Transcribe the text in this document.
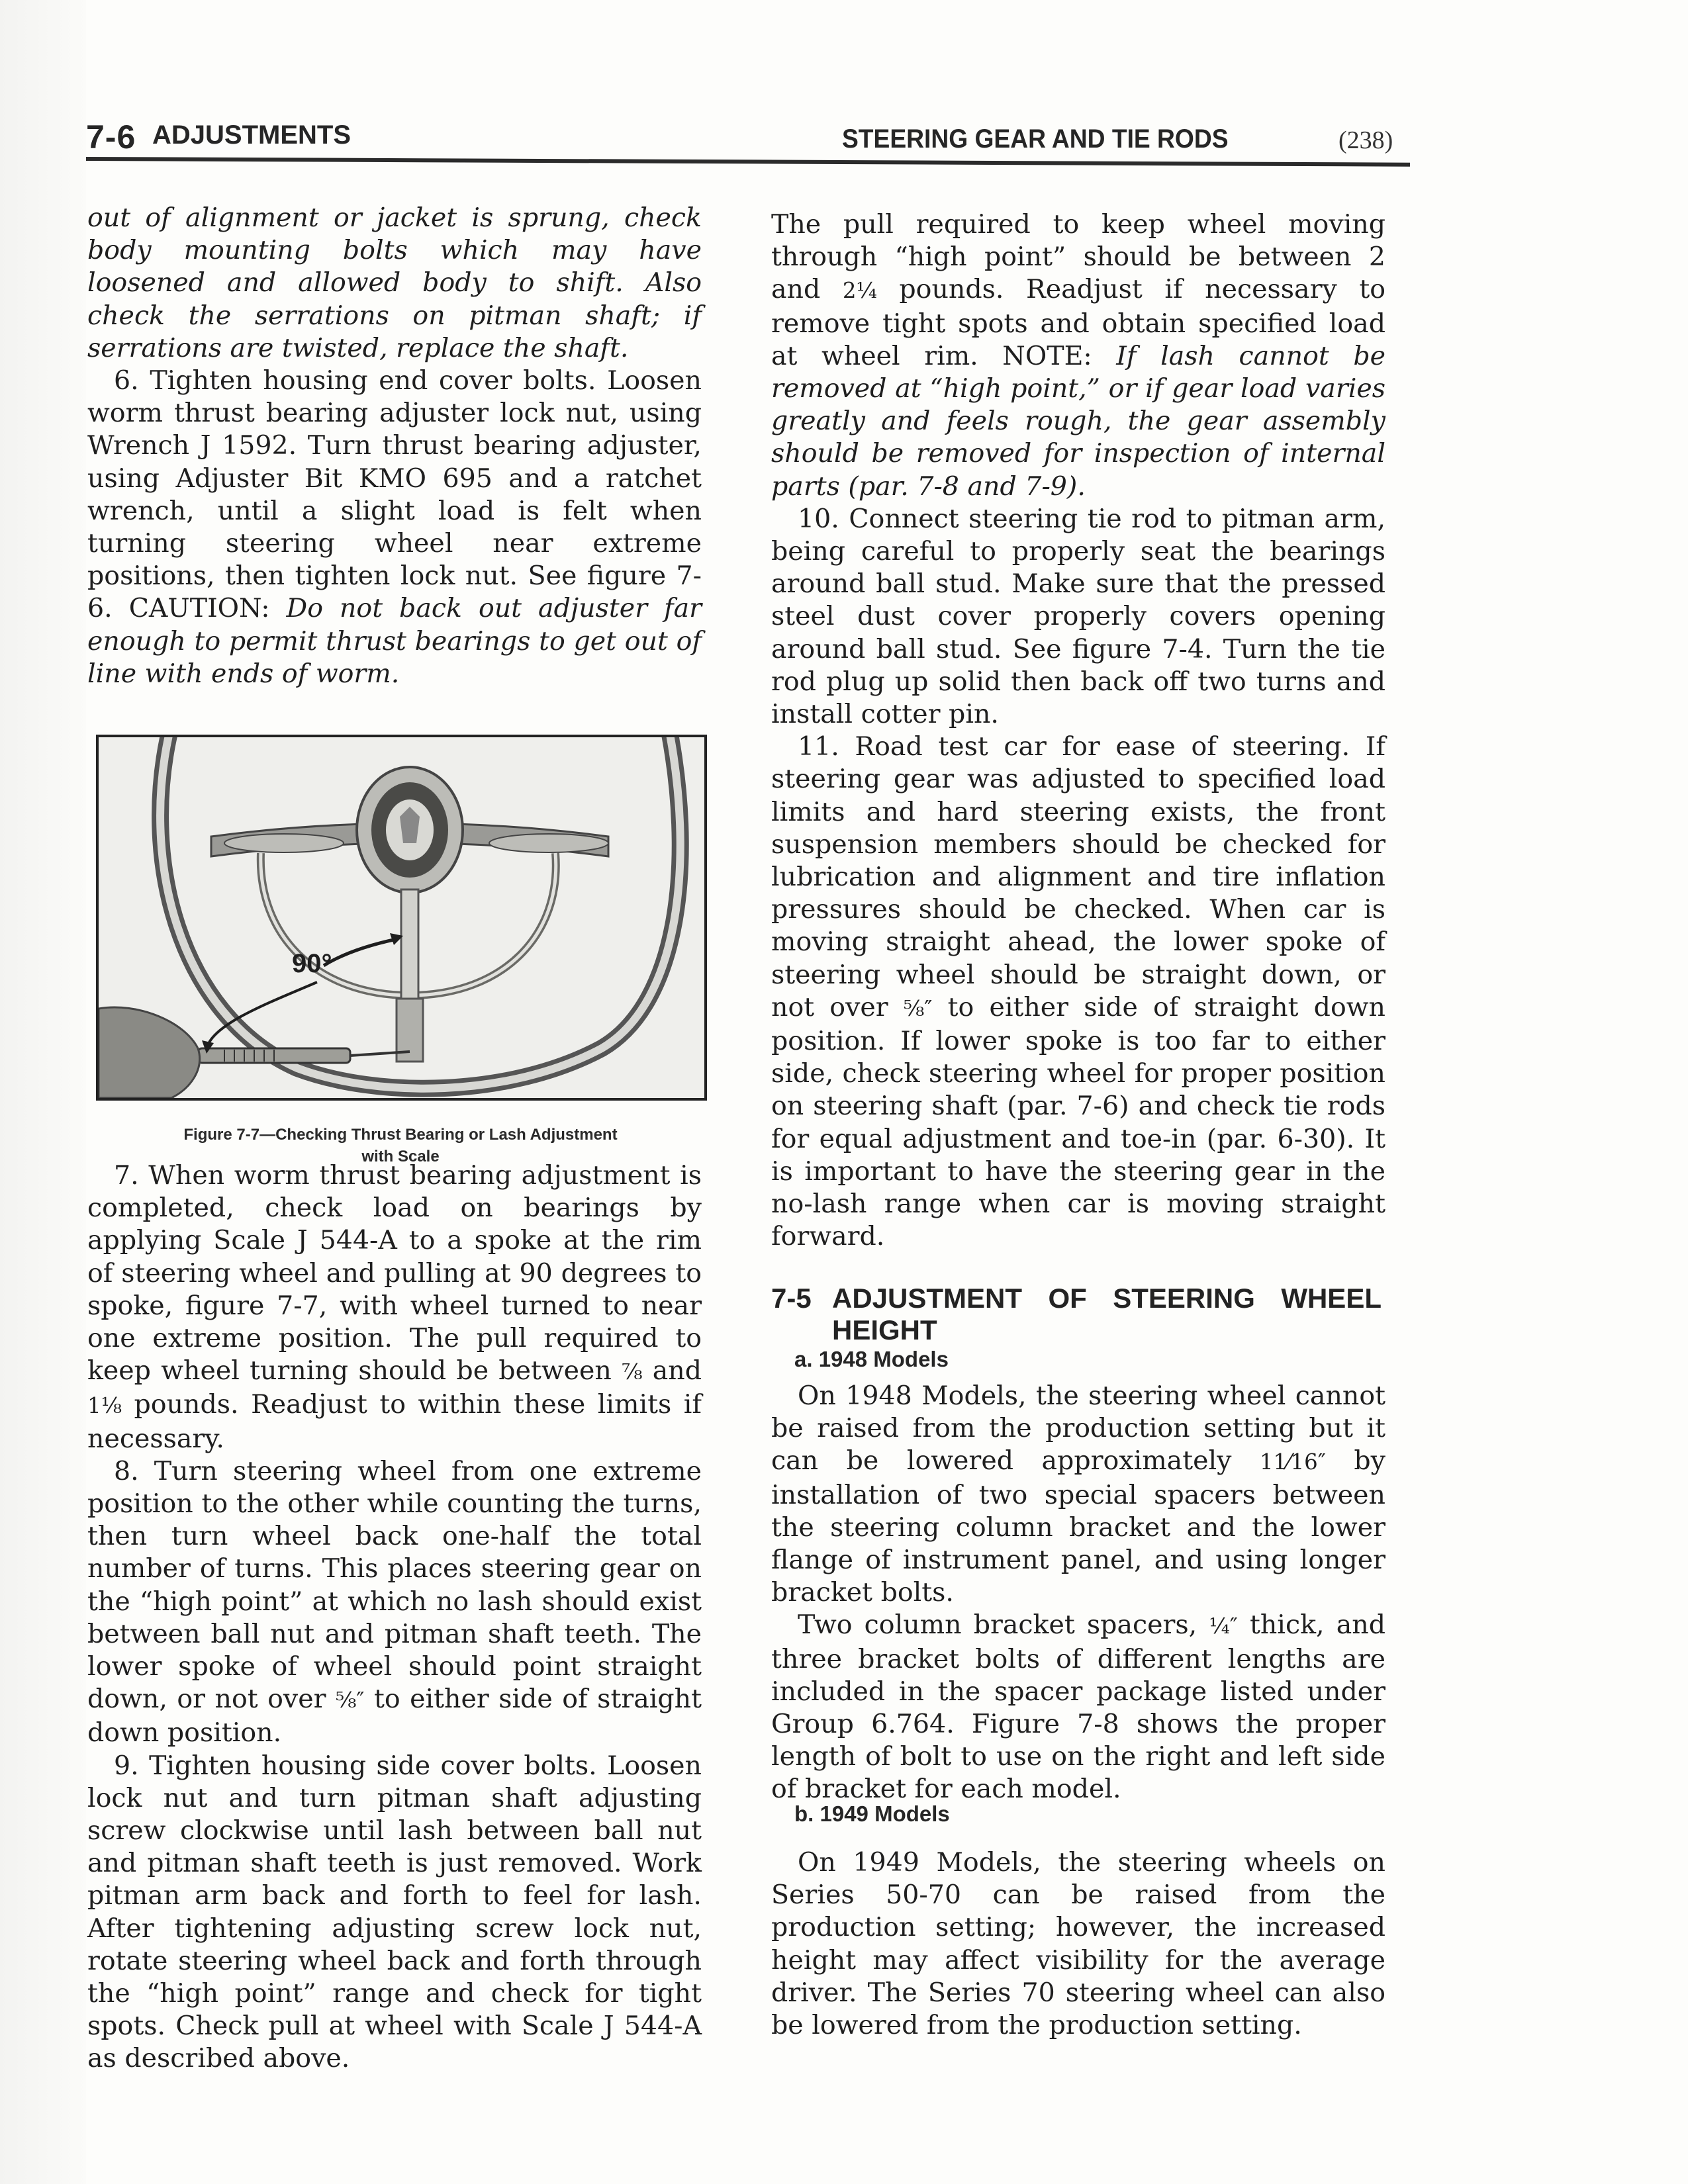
7-6 ADJUSTMENTS	STEERING GEAR AND TIE RODS	(238)

out of alignment or jacket is sprung, check body mounting bolts which may have loosened and allowed body to shift. Also check the serrations on pitman shaft; if serrations are twisted, replace the shaft.

6. Tighten housing end cover bolts. Loosen worm thrust bearing adjuster lock nut, using Wrench J 1592. Turn thrust bearing adjuster, using Adjuster Bit KMO 695 and a ratchet wrench, until a slight load is felt when turning steering wheel near extreme positions, then tighten lock nut. See figure 7-6. CAUTION: Do not back out adjuster far enough to permit thrust bearings to get out of line with ends of worm.

90°
Figure 7-7—Checking Thrust Bearing or Lash Adjustment
with Scale

7. When worm thrust bearing adjustment is completed, check load on bearings by applying Scale J 544-A to a spoke at the rim of steering wheel and pulling at 90 degrees to spoke, figure 7-7, with wheel turned to near one extreme position. The pull required to keep wheel turning should be between ⅞ and 1⅛ pounds. Readjust to within these limits if necessary.

8. Turn steering wheel from one extreme position to the other while counting the turns, then turn wheel back one-half the total number of turns. This places steering gear on the “high point” at which no lash should exist between ball nut and pitman shaft teeth. The lower spoke of wheel should point straight down, or not over ⅝″ to either side of straight down position.

9. Tighten housing side cover bolts. Loosen lock nut and turn pitman shaft adjusting screw clockwise until lash between ball nut and pitman shaft teeth is just removed. Work pitman arm back and forth to feel for lash. After tightening adjusting screw lock nut, rotate steering wheel back and forth through the “high point” range and check for tight spots. Check pull at wheel with Scale J 544-A as described above.

The pull required to keep wheel moving through “high point” should be between 2 and 2¼ pounds. Readjust if necessary to remove tight spots and obtain specified load at wheel rim. NOTE: If lash cannot be removed at “high point,” or if gear load varies greatly and feels rough, the gear assembly should be removed for inspection of internal parts (par. 7-8 and 7-9).

10. Connect steering tie rod to pitman arm, being careful to properly seat the bearings around ball stud. Make sure that the pressed steel dust cover properly covers opening around ball stud. See figure 7-4. Turn the tie rod plug up solid then back off two turns and install cotter pin.

11. Road test car for ease of steering. If steering gear was adjusted to specified load limits and hard steering exists, the front suspension members should be checked for lubrication and alignment and tire inflation pressures should be checked. When car is moving straight ahead, the lower spoke of steering wheel should be straight down, or not over ⅝″ to either side of straight down position. If lower spoke is too far to either side, check steering wheel for proper position on steering shaft (par. 7-6) and check tie rods for equal adjustment and toe-in (par. 6-30). It is important to have the steering gear in the no-lash range when car is moving straight forward.

7-5 ADJUSTMENT OF STEERING WHEEL HEIGHT
a. 1948 Models

On 1948 Models, the steering wheel cannot be raised from the production setting but it can be lowered approximately 11⁄16″ by installation of two special spacers between the steering column bracket and the lower flange of instrument panel, and using longer bracket bolts.

Two column bracket spacers, ¼″ thick, and three bracket bolts of different lengths are included in the spacer package listed under Group 6.764. Figure 7-8 shows the proper length of bolt to use on the right and left side of bracket for each model.

b. 1949 Models

On 1949 Models, the steering wheels on Series 50-70 can be raised from the production setting; however, the increased height may affect visibility for the average driver. The Series 70 steering wheel can also be lowered from the production setting.
